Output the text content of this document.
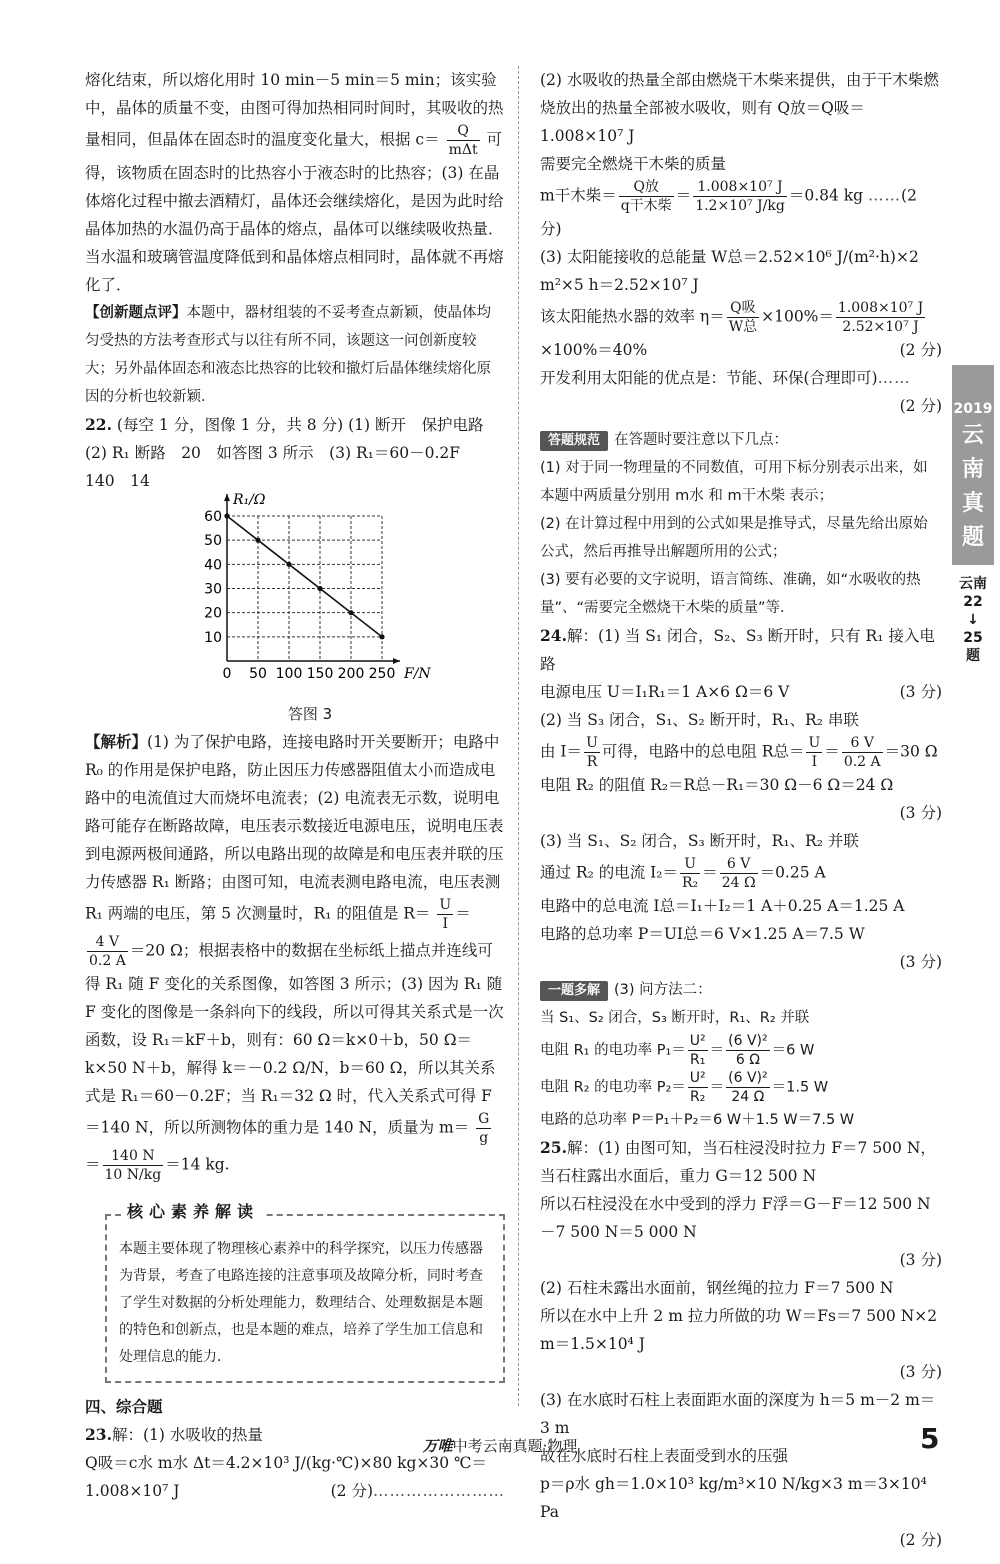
熔化结束，所以熔化用时 10 min－5 min＝5 min；该实验中，晶体的质量不变，由图可得加热相同时间时，其吸收的热量相同，但晶体在固态时的温度变化量大，根据 $c= \frac{Q}{\text{mΔt}}$ 可得，该物质在固态时的比热容小于液态时的比热容；(3) 在晶体熔化过程中撤去酒精灯，晶体还会继续熔化，是因为此时给晶体加热的水温仍高于晶体的熔点，晶体可以继续吸收热量．当水温和玻璃管温度降低到和晶体熔点相同时，晶体就不再熔化了．

【创新题点评】本题中，器材组装的不妥考查点新颖，使晶体均匀受热的方法考查形式与以往有所不同，该题这一问创新度较大；另外晶体固态和液态比热容的比较和撤灯后晶体继续熔化原因的分析也较新颖．

22. (每空 1 分，图像 1 分，共 8 分) (1) 断开　保护电路
(2) R₁ 断路　20　如答图 3 所示　(3) R₁＝60－0.2F
140　14

0 50 100 150 200 250
10
20
30
40
50
60
F/N
R₁/Ω
答图 3

【解析】(1) 为了保护电路，连接电路时开关要断开；电路中 R₀ 的作用是保护电路，防止因压力传感器阻值太小而造成电路中的电流值过大而烧坏电流表；(2) 电流表无示数，说明电路可能存在断路故障，电压表示数接近电源电压，说明电压表到电源两极间通路，所以电路出现的故障是和电压表并联的压力传感器 R₁ 断路；由图可知，电流表测电路电流，电压表测 R₁ 两端的电压，第 5 次测量时，R₁ 的阻值是 $R= \frac{U}{I}$ ＝
$\frac{4 V}{0.2 A} =20$ Ω；根据表格中的数据在坐标纸上描点并连线可得 R₁ 随 F 变化的关系图像，如答图 3 所示；(3) 因为 R₁ 随 F 变化的图像是一条斜向下的线段，所以可得其关系式是一次函数，设 R₁＝kF＋b，则有：60 Ω＝k×0＋b，50 Ω＝k×50 N＋b，解得 k＝－0.2 Ω/N，b＝60 Ω，所以其关系式是 R₁＝60－0.2F；当 R₁＝32 Ω 时，代入关系式可得 F＝140 N，所以所测物体的重力是 140 N，质量为 $m= \frac{G}{g}$
＝ $\frac{140 N}{10 N/kg} =14$ kg.

核心素养解读

本题主要体现了物理核心素养中的科学探究，以压力传感器为背景，考查了电路连接的注意事项及故障分析，同时考查了学生对数据的分析处理能力，数理结合、处理数据是本题的特色和创新点，也是本题的难点，培养了学生加工信息和处理信息的能力．

四、综合题

23.解：(1) 水吸收的热量
Q吸＝c水 m水 Δt＝4.2×10³ J/(kg·℃)×80 kg×30 ℃＝1.008×10⁷ J	……………………
(2 分)

(2) 水吸收的热量全部由燃烧干木柴来提供，由于干木柴燃烧放出的热量全部被水吸收，则有 Q放＝Q吸＝1.008×10⁷ J

需要完全燃烧干木柴的质量

m干木柴＝ $\frac{\text{Q放}}{\text{q干木柴}} = \frac{\text{1.008×10⁷ J}}{\text{1.2×10⁷ J/kg}} =0.84$ kg ……(2 分)

(3) 太阳能接收的总能量 W总＝2.52×10⁶ J/(m²·h)×2 m²×5 h＝2.52×10⁷ J

该太阳能热水器的效率 $\eta= \frac{\text{Q吸}}{\text{W总}} \times 100\%= \frac{\text{1.008×10⁷ J}}{\text{2.52×10⁷ J}}$
×100%＝40%	(2 分)

开发利用太阳能的优点是：节能、环保(合理即可)……

(2 分)

答题规范 在答题时要注意以下几点：
(1) 对于同一物理量的不同数值，可用下标分别表示出来，如本题中两质量分别用 m水 和 m干木柴 表示；
(2) 在计算过程中用到的公式如果是推导式，尽量先给出原始公式，然后再推导出解题所用的公式；
(3) 要有必要的文字说明，语言简练、准确，如“水吸收的热量”、“需要完全燃烧干木柴的质量”等．

24.解：(1) 当 S₁ 闭合，S₂、S₃ 断开时，只有 R₁ 接入电路
电源电压 U＝I₁R₁＝1 A×6 Ω＝6 V	(3 分)

(2) 当 S₃ 闭合，S₁、S₂ 断开时，R₁、R₂ 串联
由 $I= \frac{U}{R}$ 可得，电路中的总电阻 R总＝ $\frac{U}{I} = \frac{6 V}{0.2 A} =30$ Ω
电阻 R₂ 的阻值 R₂＝R总－R₁＝30 Ω－6 Ω＝24 Ω

(3 分)

(3) 当 S₁、S₂ 闭合，S₃ 断开时，R₁、R₂ 并联
通过 R₂ 的电流 $I_2= \frac{U}{\text{R₂}} = \frac{6 V}{24 \Omega} =0.25$ A
电路中的总电流 I总＝I₁＋I₂＝1 A＋0.25 A＝1.25 A
电路的总功率 P＝UI总＝6 V×1.25 A＝7.5 W

(3 分)

一题多解 (3) 问方法二：
当 S₁、S₂ 闭合，S₃ 断开时，R₁、R₂ 并联
电阻 R₁ 的电功率 $P_1= \frac{\text{U²}}{\text{R₁}} = \frac{\text{(6 V)²}}{6 \Omega} =6$ W
电阻 R₂ 的电功率 $P_2= \frac{\text{U²}}{\text{R₂}} = \frac{\text{(6 V)²}}{24 \Omega} =1.5$ W
电路的总功率 P＝P₁＋P₂＝6 W＋1.5 W＝7.5 W

25.解：(1) 由图可知，当石柱浸没时拉力 F＝7 500 N，当石柱露出水面后，重力 G＝12 500 N
所以石柱浸没在水中受到的浮力 F浮＝G－F＝12 500 N－7 500 N＝5 000 N

(3 分)

(2) 石柱未露出水面前，钢丝绳的拉力 F＝7 500 N
所以在水中上升 2 m 拉力所做的功 W＝Fs＝7 500 N×2 m＝1.5×10⁴ J

(3 分)

(3) 在水底时石柱上表面距水面的深度为 h＝5 m－2 m＝3 m
故在水底时石柱上表面受到水的压强
p＝ρ水 gh＝1.0×10³ kg/m³×10 N/kg×3 m＝3×10⁴ Pa

(2 分)

2019
云
南
真
题
云南
22
↓
25
题
万唯中考云南真题·物理	5
